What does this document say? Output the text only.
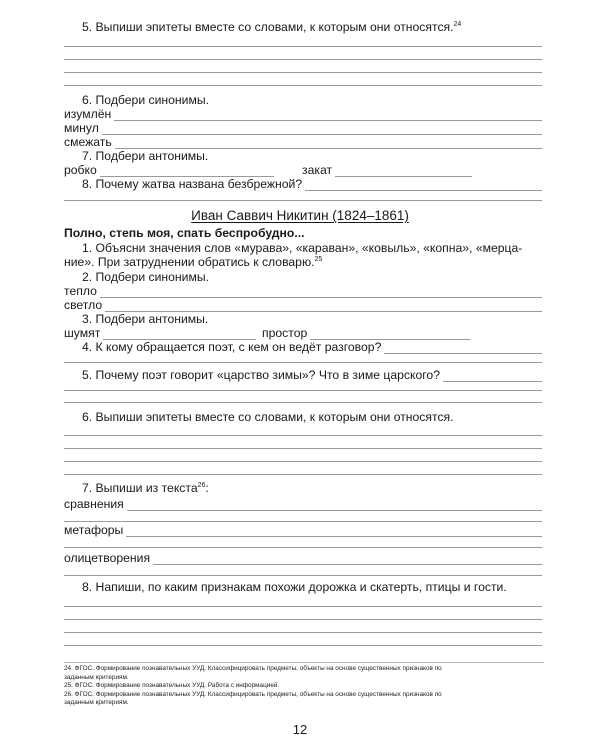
5. Выпиши эпитеты вместе со словами, к которым они относятся.$^{24}$
6. Подбери синонимы.
изумлён
минул
смежать
7. Подбери антонимы.
робко	закат
8. Почему жатва названа безбрежной?
Иван Саввич Никитин (1824–1861)
Полно, степь моя, спать беспробудно...
1. Объясни значения слов «мурава», «караван», «ковыль», «копна», «мерца-
ние». При затруднении обратись к словарю.$^{25}$
2. Подбери синонимы.
тепло
светло
3. Подбери антонимы.
шумят	простор
4. К кому обращается поэт, с кем он ведёт разговор?
5. Почему поэт говорит «царство зимы»? Что в зиме царского?
6. Выпиши эпитеты вместе со словами, к которым они относятся.
7. Выпиши из текста$^{26}$:
сравнения
метафоры
олицетворения
8. Напиши, по каким признакам похожи дорожка и скатерть, птицы и гости.
24. ФГОС. Формирование познавательных УУД. Классифицировать предметы, объекты на основе существенных признаков по
заданным критериям.
25. ФГОС. Формирование познавательных УУД. Работа с информацией.
26. ФГОС. Формирование познавательных УУД. Классифицировать предметы, объекты на основе существенных признаков по
заданным критериям.
12
